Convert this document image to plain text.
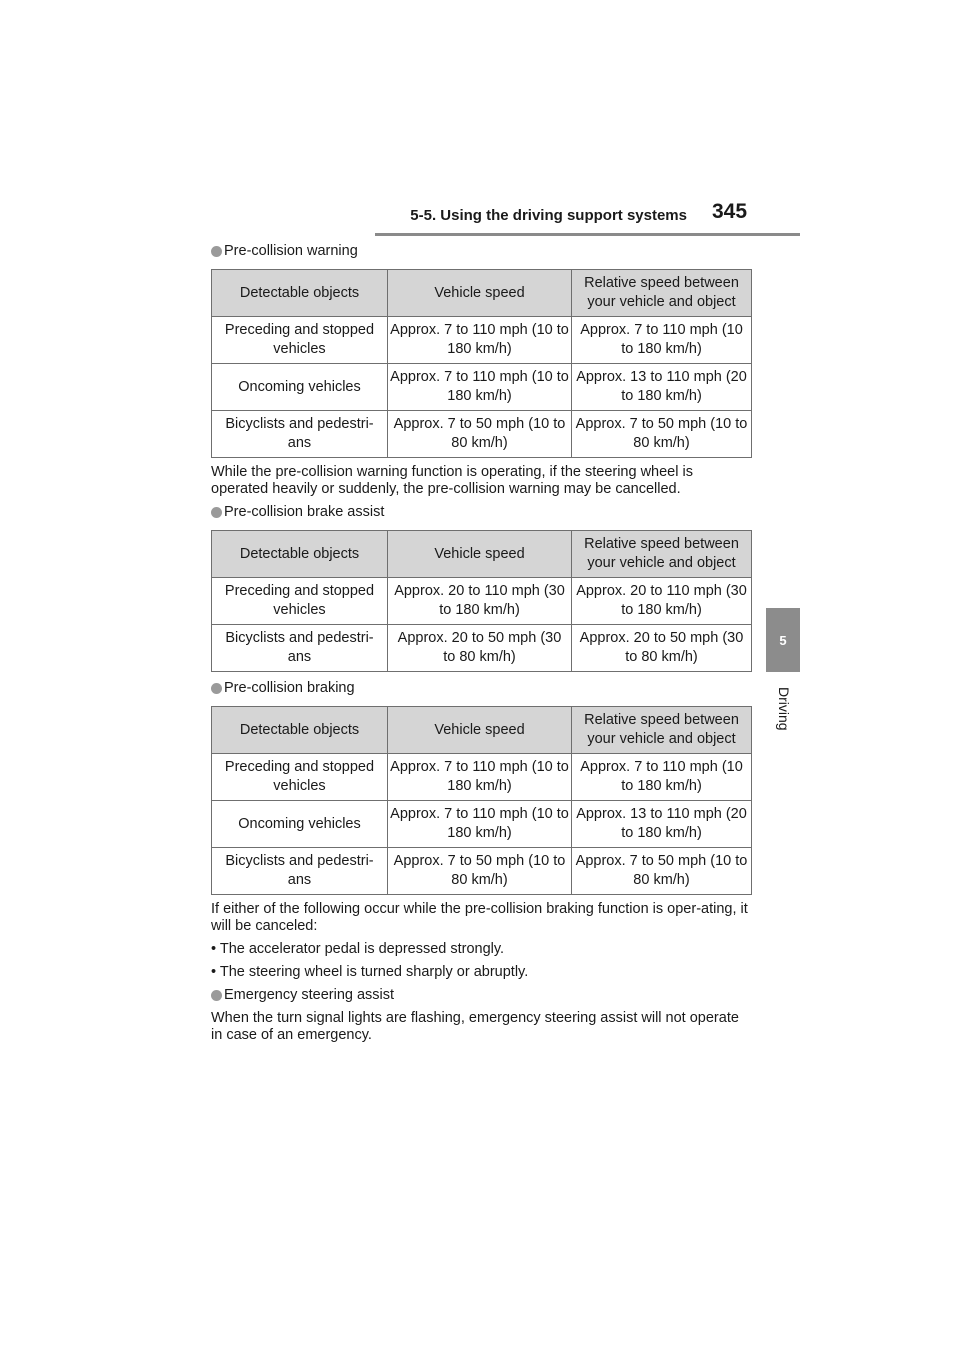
5-5. Using the driving support systems 345
5
Driving

Pre-collision warning

Detectable objects	Vehicle speed	Relative speed between your vehicle and object
Preceding and stopped vehicles	Approx. 7 to 110 mph (10 to 180 km/h)	Approx. 7 to 110 mph (10 to 180 km/h)
Oncoming vehicles	Approx. 7 to 110 mph (10 to 180 km/h)	Approx. 13 to 110 mph (20 to 180 km/h)
Bicyclists and pedestri-ans	Approx. 7 to 50 mph (10 to 80 km/h)	Approx. 7 to 50 mph (10 to 80 km/h)

While the pre-collision warning function is operating, if the steering wheel is operated heavily or suddenly, the pre-collision warning may be cancelled.

Pre-collision brake assist

Detectable objects	Vehicle speed	Relative speed between your vehicle and object
Preceding and stopped vehicles	Approx. 20 to 110 mph (30 to 180 km/h)	Approx. 20 to 110 mph (30 to 180 km/h)
Bicyclists and pedestri-ans	Approx. 20 to 50 mph (30 to 80 km/h)	Approx. 20 to 50 mph (30 to 80 km/h)

Pre-collision braking

Detectable objects	Vehicle speed	Relative speed between your vehicle and object
Preceding and stopped vehicles	Approx. 7 to 110 mph (10 to 180 km/h)	Approx. 7 to 110 mph (10 to 180 km/h)
Oncoming vehicles	Approx. 7 to 110 mph (10 to 180 km/h)	Approx. 13 to 110 mph (20 to 180 km/h)
Bicyclists and pedestri-ans	Approx. 7 to 50 mph (10 to 80 km/h)	Approx. 7 to 50 mph (10 to 80 km/h)

If either of the following occur while the pre-collision braking function is oper-ating, it will be canceled:

• The accelerator pedal is depressed strongly.

• The steering wheel is turned sharply or abruptly.

Emergency steering assist

When the turn signal lights are flashing, emergency steering assist will not operate in case of an emergency.
